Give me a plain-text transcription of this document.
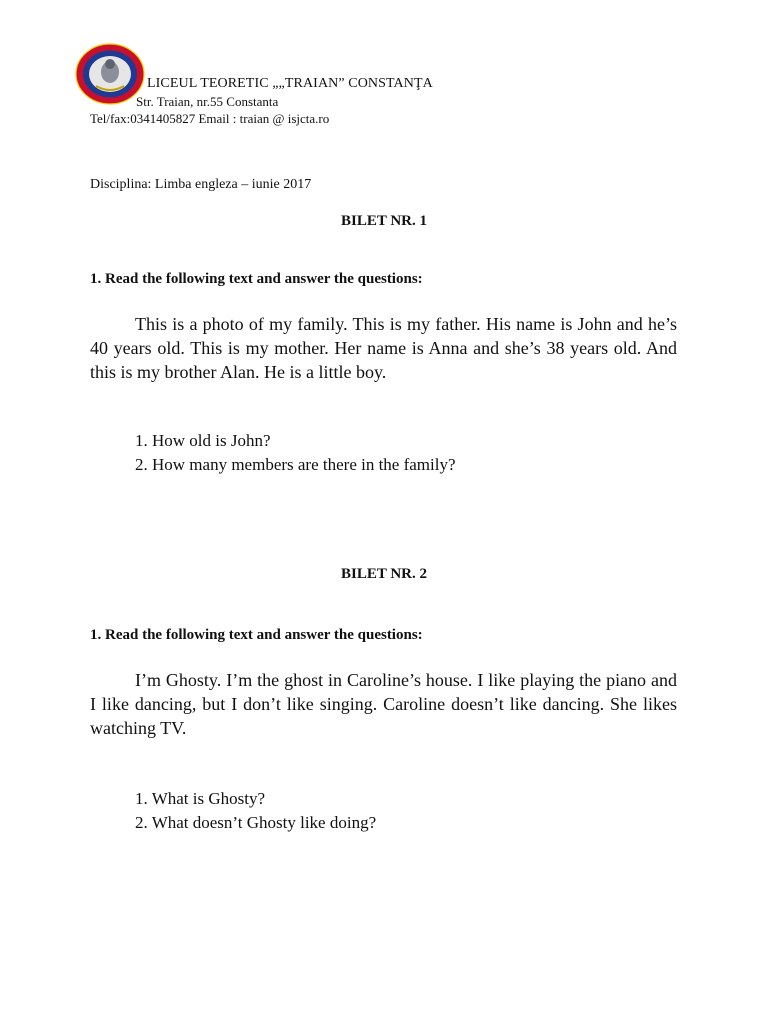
LICEUL TEORETIC „„TRAIAN” CONSTANŢA
Str. Traian, nr.55 Constanta
Tel/fax:0341405827 Email : traian @ isjcta.ro
Disciplina: Limba engleza – iunie 2017
BILET NR. 1
1. Read the following text and answer the questions:

This is a photo of my family. This is my father. His name is John and he’s 40 years old. This is my mother. Her name is Anna and she’s 38 years old. And this is my brother Alan. He is a little boy.

1. How old is John?
2. How many members are there in the family?
BILET NR. 2
1. Read the following text and answer the questions:

I’m Ghosty. I’m the ghost in Caroline’s house. I like playing the piano and I like dancing, but I don’t like singing. Caroline doesn’t like dancing. She likes watching TV.

1. What is Ghosty?
2. What doesn’t Ghosty like doing?
